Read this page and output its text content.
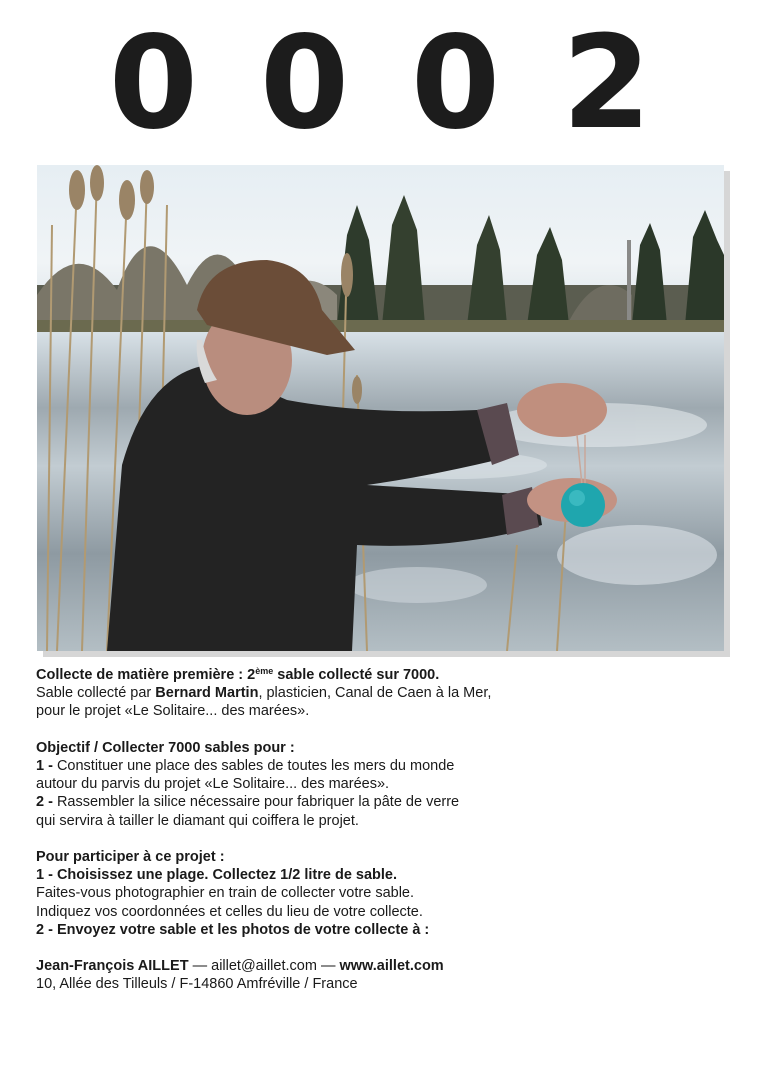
0 0 0 2

Collecte de matière première : 2ème sable collecté sur 7000.

Sable collecté par Bernard Martin, plasticien, Canal de Caen à la Mer,

pour le projet «Le Solitaire... des marées».

Objectif / Collecter 7000 sables pour :

1 - Constituer une place des sables de toutes les mers du monde

autour du parvis du projet «Le Solitaire... des marées».

2 - Rassembler la silice nécessaire pour fabriquer la pâte de verre

qui servira à tailler le diamant qui coiffera le projet.

Pour participer à ce projet :

1 - Choisissez une plage. Collectez 1/2 litre de sable.

Faites-vous photographier en train de collecter votre sable.

Indiquez vos coordonnées et celles du lieu de votre collecte.

2 - Envoyez votre sable et les photos de votre collecte à :

Jean-François AILLET — aillet@aillet.com — www.aillet.com

10, Allée des Tilleuls / F-14860 Amfréville / France
